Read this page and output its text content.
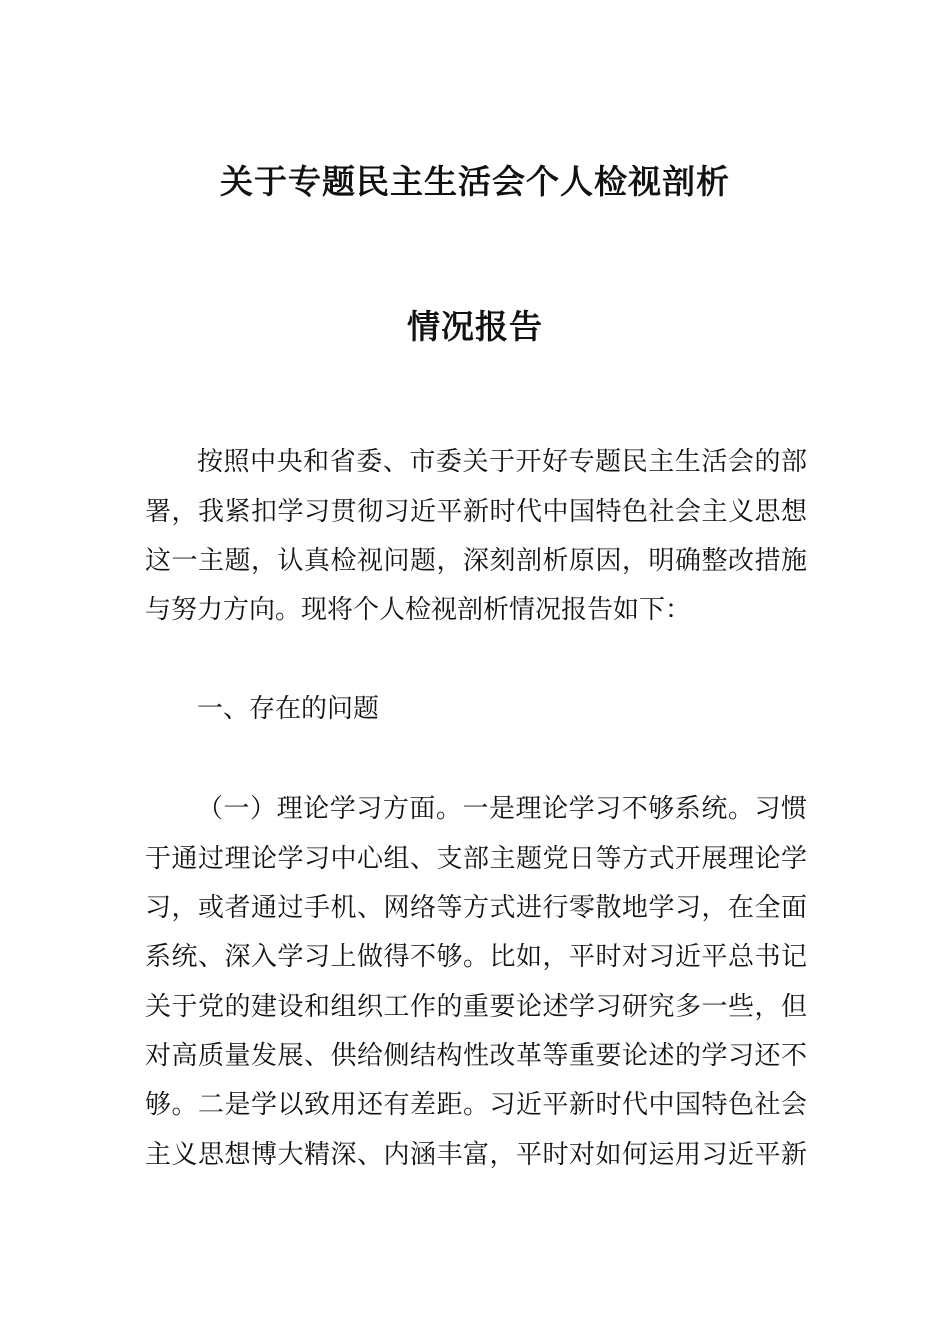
关于专题民主生活会个人检视剖析
情况报告
按照中央和省委、市委关于开好专题民主生活会的部
署，我紧扣学习贯彻习近平新时代中国特色社会主义思想
这一主题，认真检视问题，深刻剖析原因，明确整改措施
与努力方向。现将个人检视剖析情况报告如下：
一、存在的问题
（一）理论学习方面。一是理论学习不够系统。习惯
于通过理论学习中心组、支部主题党日等方式开展理论学
习，或者通过手机、网络等方式进行零散地学习，在全面
系统、深入学习上做得不够。比如，平时对习近平总书记
关于党的建设和组织工作的重要论述学习研究多一些，但
对高质量发展、供给侧结构性改革等重要论述的学习还不
够。二是学以致用还有差距。习近平新时代中国特色社会
主义思想博大精深、内涵丰富，平时对如何运用习近平新
